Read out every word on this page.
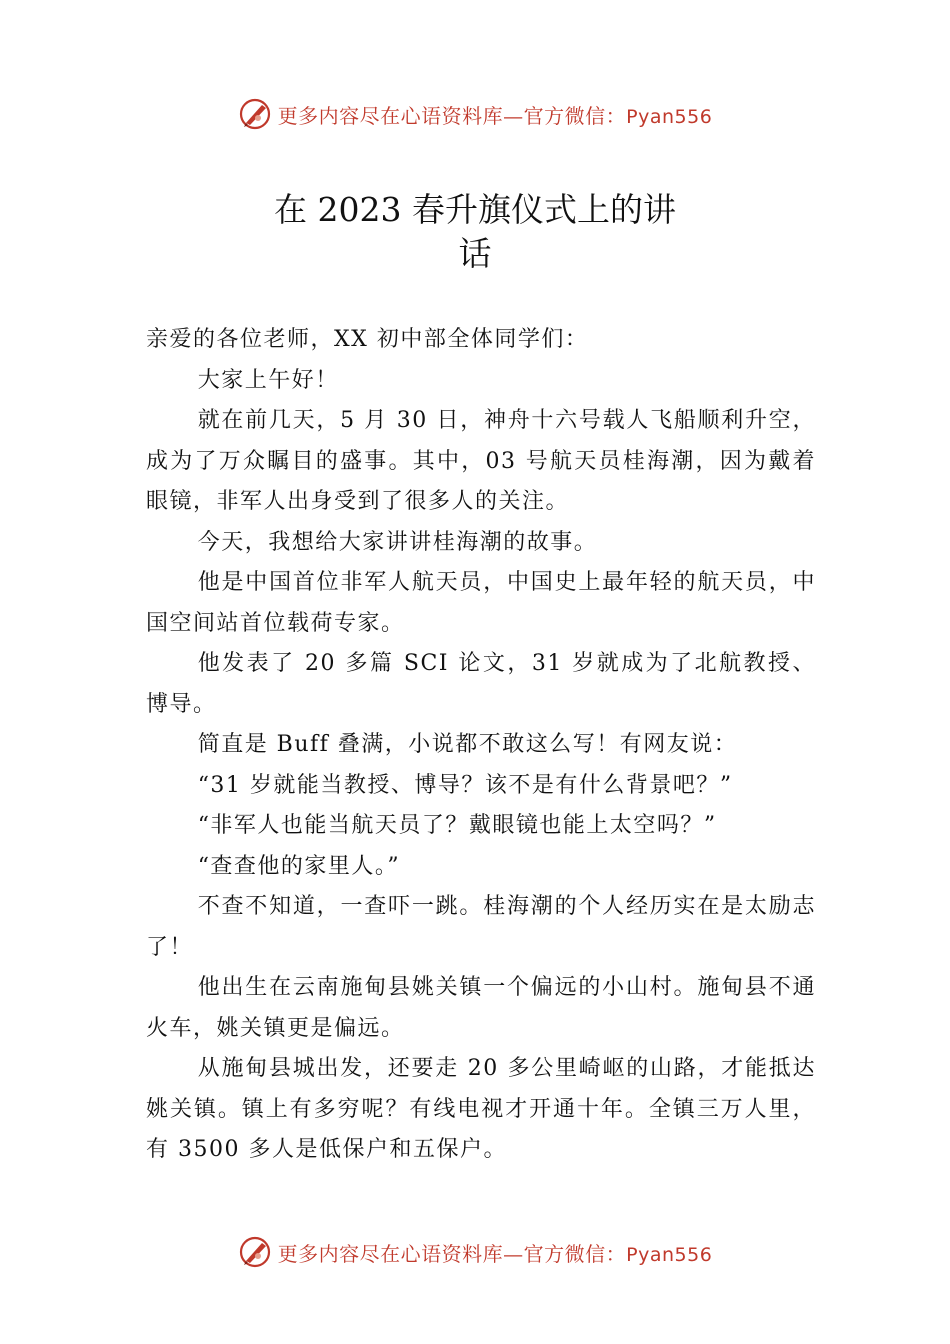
更多内容尽在心语资料库—官方微信：Pyan556
在 2023 春升旗仪式上的讲
话

亲爱的各位老师，XX 初中部全体同学们：

大家上午好！

就在前几天，5 月 30 日，神舟十六号载人飞船顺利升空，成为了万众瞩目的盛事。其中，03 号航天员桂海潮，因为戴着眼镜，非军人出身受到了很多人的关注。

今天，我想给大家讲讲桂海潮的故事。

他是中国首位非军人航天员，中国史上最年轻的航天员，中国空间站首位载荷专家。

他发表了 20 多篇 SCI 论文，31 岁就成为了北航教授、博导。

简直是 Buff 叠满，小说都不敢这么写！有网友说：

“31 岁就能当教授、博导？该不是有什么背景吧？”

“非军人也能当航天员了？戴眼镜也能上太空吗？”

“查查他的家里人。”

不查不知道，一查吓一跳。桂海潮的个人经历实在是太励志了！

他出生在云南施甸县姚关镇一个偏远的小山村。施甸县不通火车，姚关镇更是偏远。

从施甸县城出发，还要走 20 多公里崎岖的山路，才能抵达姚关镇。镇上有多穷呢？有线电视才开通十年。全镇三万人里，有 3500 多人是低保户和五保户。

更多内容尽在心语资料库—官方微信：Pyan556
